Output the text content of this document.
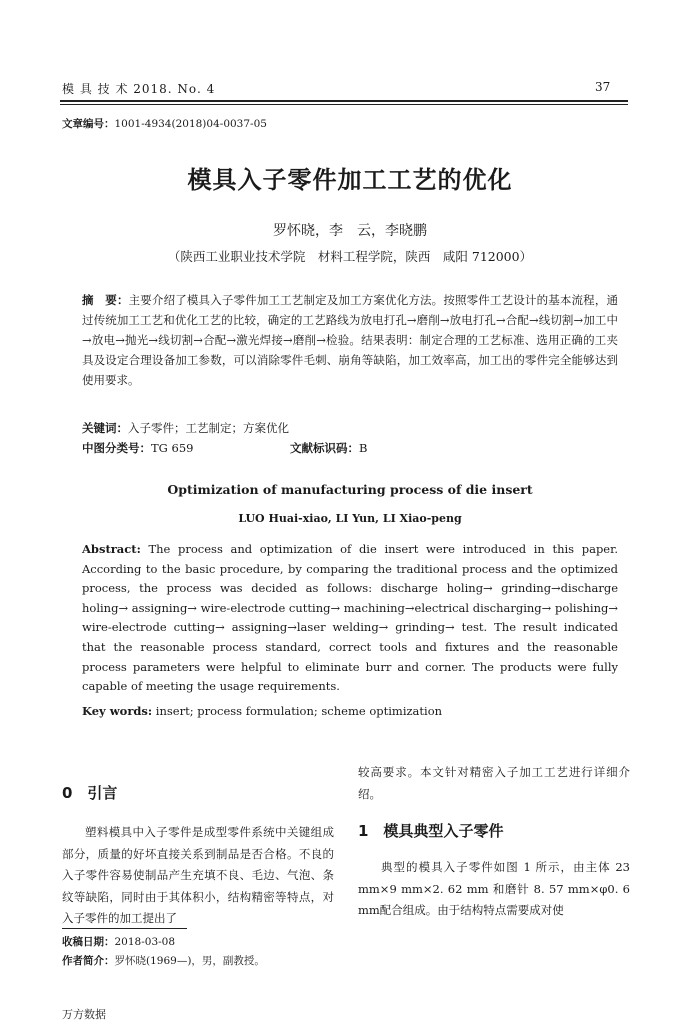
模 具 技 术 2018. No. 4	37
文章编号：1001-4934(2018)04-0037-05
模具入子零件加工工艺的优化
罗怀晓，李　云，李晓鹏
（陕西工业职业技术学院　材料工程学院，陕西　咸阳 712000）
摘　要：主要介绍了模具入子零件加工工艺制定及加工方案优化方法。按照零件工艺设计的基本流程，通过传统加工工艺和优化工艺的比较，确定的工艺路线为放电打孔→磨削→放电打孔→合配→线切割→加工中→放电→抛光→线切割→合配→激光焊接→磨削→检验。结果表明：制定合理的工艺标准、选用正确的工夹具及设定合理设备加工参数，可以消除零件毛刺、崩角等缺陷，加工效率高，加工出的零件完全能够达到使用要求。
关键词：入子零件；工艺制定；方案优化
中图分类号：TG 659	文献标识码：B
Optimization of manufacturing process of die insert
LUO Huai-xiao, LI Yun, LI Xiao-peng
Abstract: The process and optimization of die insert were introduced in this paper. According to the basic procedure, by comparing the traditional process and the optimized process, the process was decided as follows: discharge holing→ grinding→discharge holing→ assigning→ wire-electrode cutting→ machining→electrical discharging→ polishing→ wire-electrode cutting→ assigning→laser welding→ grinding→ test. The result indicated that the reasonable process standard, correct tools and fixtures and the reasonable process parameters were helpful to eliminate burr and corner. The products were fully capable of meeting the usage requirements.
Key words: insert; process formulation; scheme optimization
0　引言
塑料模具中入子零件是成型零件系统中关键组成部分，质量的好坏直接关系到制品是否合格。不良的入子零件容易使制品产生充填不良、毛边、气泡、条纹等缺陷，同时由于其体积小，结构精密等特点，对入子零件的加工提出了
较高要求。本文针对精密入子加工工艺进行详细介绍。
1　模具典型入子零件
典型的模具入子零件如图 1 所示，由主体 23 mm×9 mm×2. 62 mm 和磨针 8. 57 mm×φ0. 6 mm配合组成。由于结构特点需要成对使
收稿日期：2018-03-08
作者简介：罗怀晓(1969—)，男，副教授。
万方数据
